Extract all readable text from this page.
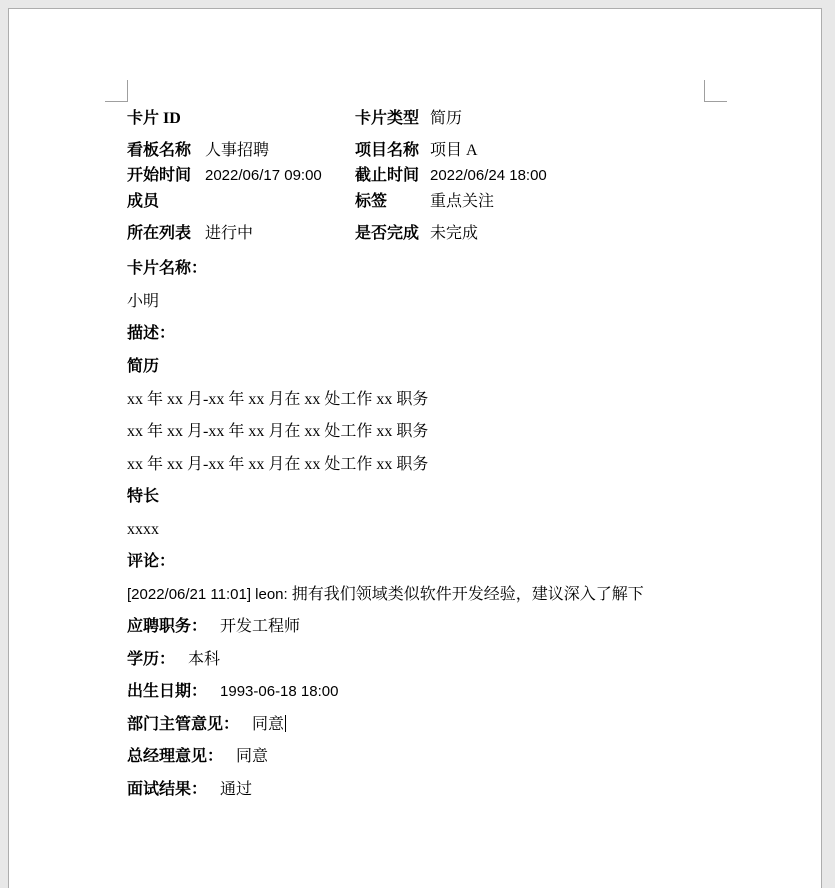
卡片 ID	卡片类型 简历
看板名称 人事招聘	项目名称 项目 A
开始时间 2022/06/17 09:00 截止时间 2022/06/24 18:00
成员	标签	重点关注
所在列表 进行中	是否完成 未完成
卡片名称：
小明
描述：
简历
xx 年 xx 月-xx 年 xx 月在 xx 处工作 xx 职务
xx 年 xx 月-xx 年 xx 月在 xx 处工作 xx 职务
xx 年 xx 月-xx 年 xx 月在 xx 处工作 xx 职务
特长
xxxx
评论：
[2022/06/21 11:01] leon: 拥有我们领域类似软件开发经验，建议深入了解下
应聘职务： 开发工程师
学历： 本科
出生日期： 1993-06-18 18:00
部门主管意见： 同意
总经理意见： 同意
面试结果： 通过
